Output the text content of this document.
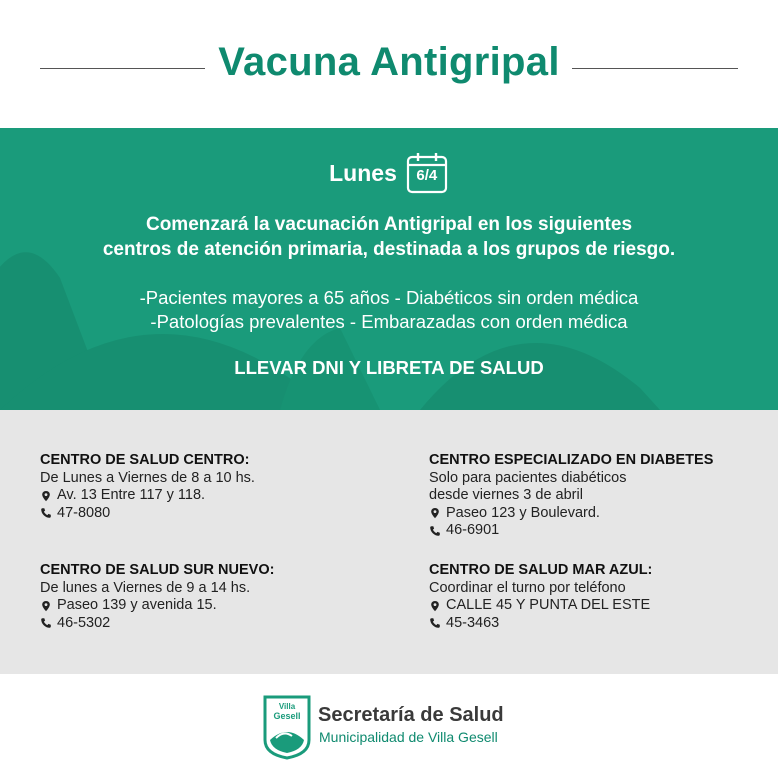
Vacuna Antigripal
Lunes	6/4
Comenzará la vacunación Antigripal en los siguientes
centros de atención primaria, destinada a los grupos de riesgo.
-Pacientes mayores a 65 años - Diabéticos sin orden médica
-Patologías prevalentes - Embarazadas con orden médica
LLEVAR DNI Y LIBRETA DE SALUD
CENTRO DE SALUD CENTRO:
De Lunes a Viernes de 8 a 10 hs.
Av. 13 Entre 117 y 118.
47-8080
CENTRO ESPECIALIZADO EN DIABETES
Solo para pacientes diabéticos
desde viernes 3 de abril
Paseo 123 y Boulevard.
46-6901
CENTRO DE SALUD SUR NUEVO:
De lunes a Viernes de 9 a 14 hs.
Paseo 139 y avenida 15.
46-5302
CENTRO DE SALUD MAR AZUL:
Coordinar el turno por teléfono
CALLE 45 Y PUNTA DEL ESTE
45-3463
Villa
Gesell Secretaría de Salud
Municipalidad de Villa Gesell
